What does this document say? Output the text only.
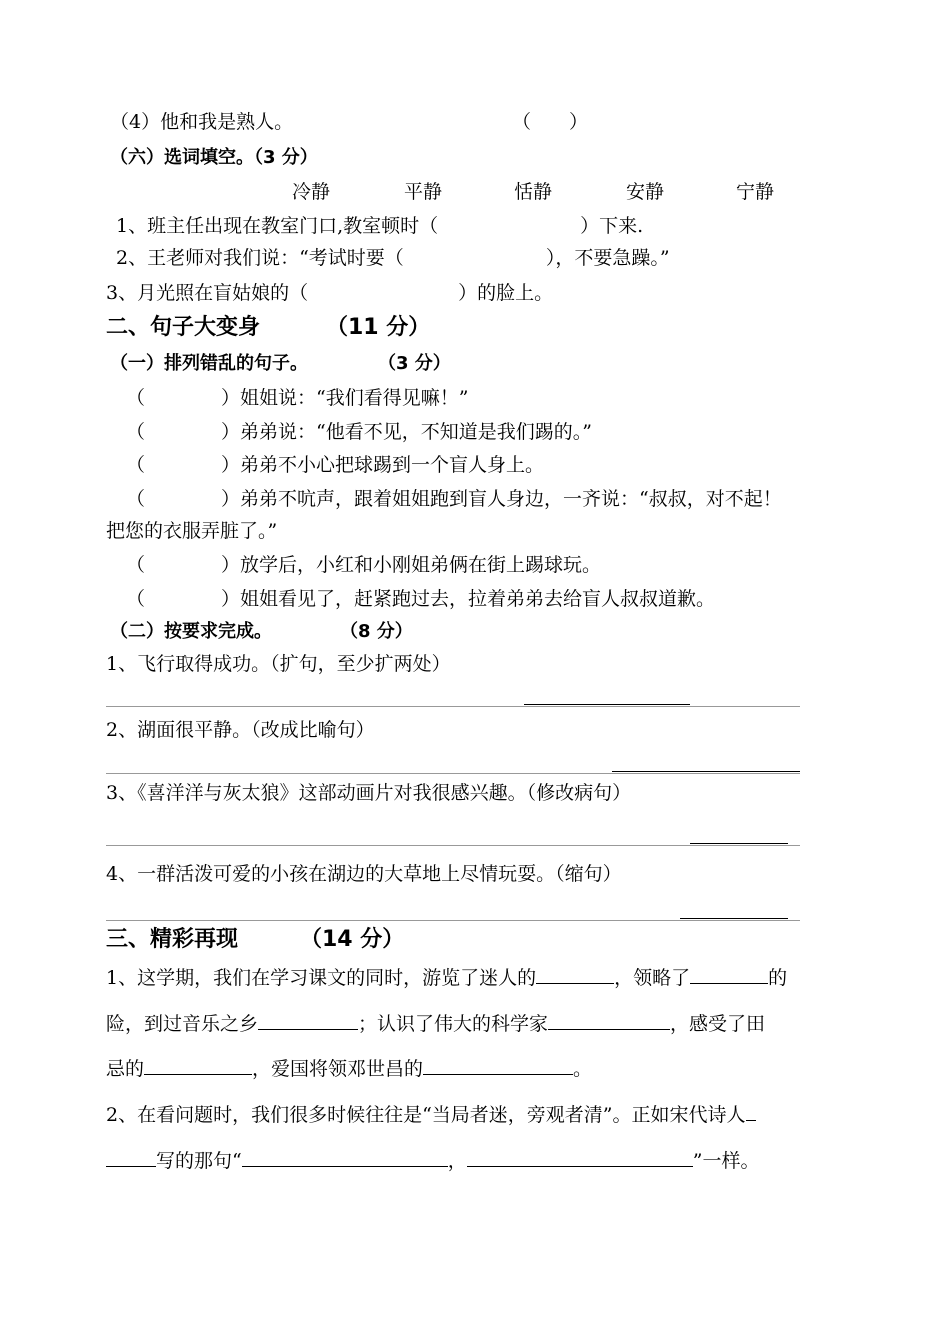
（4）他和我是熟人。	（　　）
（六）选词填空。（3 分）
冷静	平静	恬静	安静	宁静
1、班主任出现在教室门口,教室顿时（	）下来.
2、王老师对我们说：“考试时要（	），不要急躁。”
3、月光照在盲姑娘的（	）的脸上。
二、句子大变身	（11 分）
（一）排列错乱的句子。	（3 分）
（　　　　）姐姐说：“我们看得见嘛！”
（　　　　）弟弟说：“他看不见，不知道是我们踢的。”
（　　　　）弟弟不小心把球踢到一个盲人身上。
（　　　　）弟弟不吭声，跟着姐姐跑到盲人身边，一齐说：“叔叔，对不起！
把您的衣服弄脏了。”
（　　　　）放学后，小红和小刚姐弟俩在街上踢球玩。
（　　　　）姐姐看见了，赶紧跑过去，拉着弟弟去给盲人叔叔道歉。
（二）按要求完成。	（8 分）
1、飞行取得成功。（扩句，至少扩两处）
2、湖面很平静。（改成比喻句）
3、《喜洋洋与灰太狼》这部动画片对我很感兴趣。（修改病句）
4、一群活泼可爱的小孩在湖边的大草地上尽情玩耍。（缩句）
三、精彩再现	（14 分）
1、这学期，我们在学习课文的同时，游览了迷人的	，领略了	的
险，到过音乐之乡	；认识了伟大的科学家	，感受了田
忌的	，爱国将领邓世昌的	。
2、在看问题时，我们很多时候往往是“当局者迷，旁观者清”。正如宋代诗人
写的那句“	，	”一样。
